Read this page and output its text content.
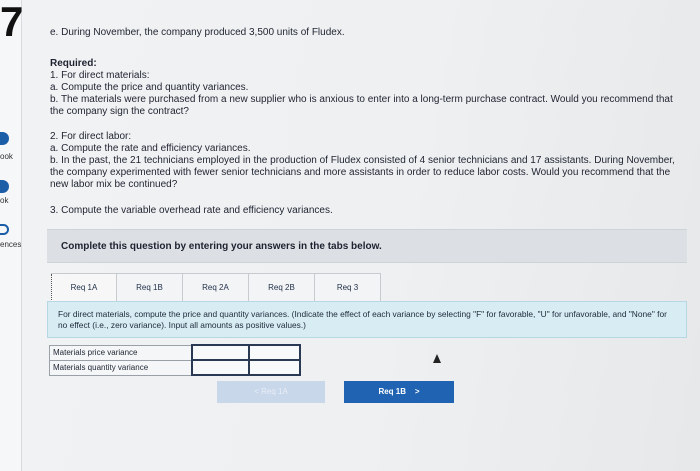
7
ook
ok
ences
e. During November, the company produced 3,500 units of Fludex.
Required:
1. For direct materials:
a. Compute the price and quantity variances.
b. The materials were purchased from a new supplier who is anxious to enter into a long-term purchase contract. Would you recommend that the company sign the contract?
2. For direct labor:
a. Compute the rate and efficiency variances.
b. In the past, the 21 technicians employed in the production of Fludex consisted of 4 senior technicians and 17 assistants. During November, the company experimented with fewer senior technicians and more assistants in order to reduce labor costs. Would you recommend that the new labor mix be continued?
3. Compute the variable overhead rate and efficiency variances.
Complete this question by entering your answers in the tabs below.
Req 1A	Req 1B	Req 2A	Req 2B	Req 3
For direct materials, compute the price and quantity variances. (Indicate the effect of each variance by selecting "F" for favorable, "U" for unfavorable, and "None" for no effect (i.e., zero variance). Input all amounts as positive values.)
Materials price variance		
Materials quantity variance		
< Req 1A	Req 1B >
